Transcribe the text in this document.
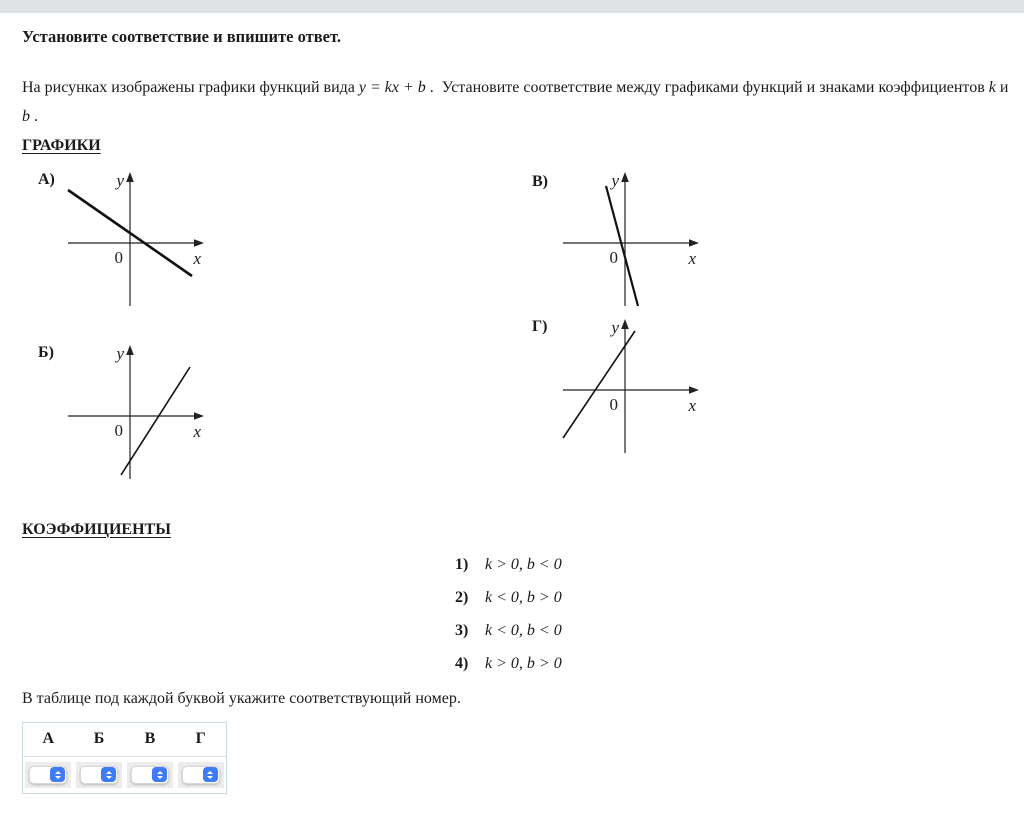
Установите соответствие и впишите ответ.

На рисунках изображены графики функций вида y = kx + b .  Установите соответствие между графиками функций и знаками коэффициентов k и b .

ГРАФИКИ
А)	y
0	x
Б)	y
0	x
В)	y
0	x
Г)	y
0	x
КОЭФФИЦИЕНТЫ
1)	k > 0, b < 0
2)	k < 0, b > 0
3)	k < 0, b < 0
4)	k > 0, b > 0

В таблице под каждой буквой укажите соответствующий номер.

А	Б	В	Г
